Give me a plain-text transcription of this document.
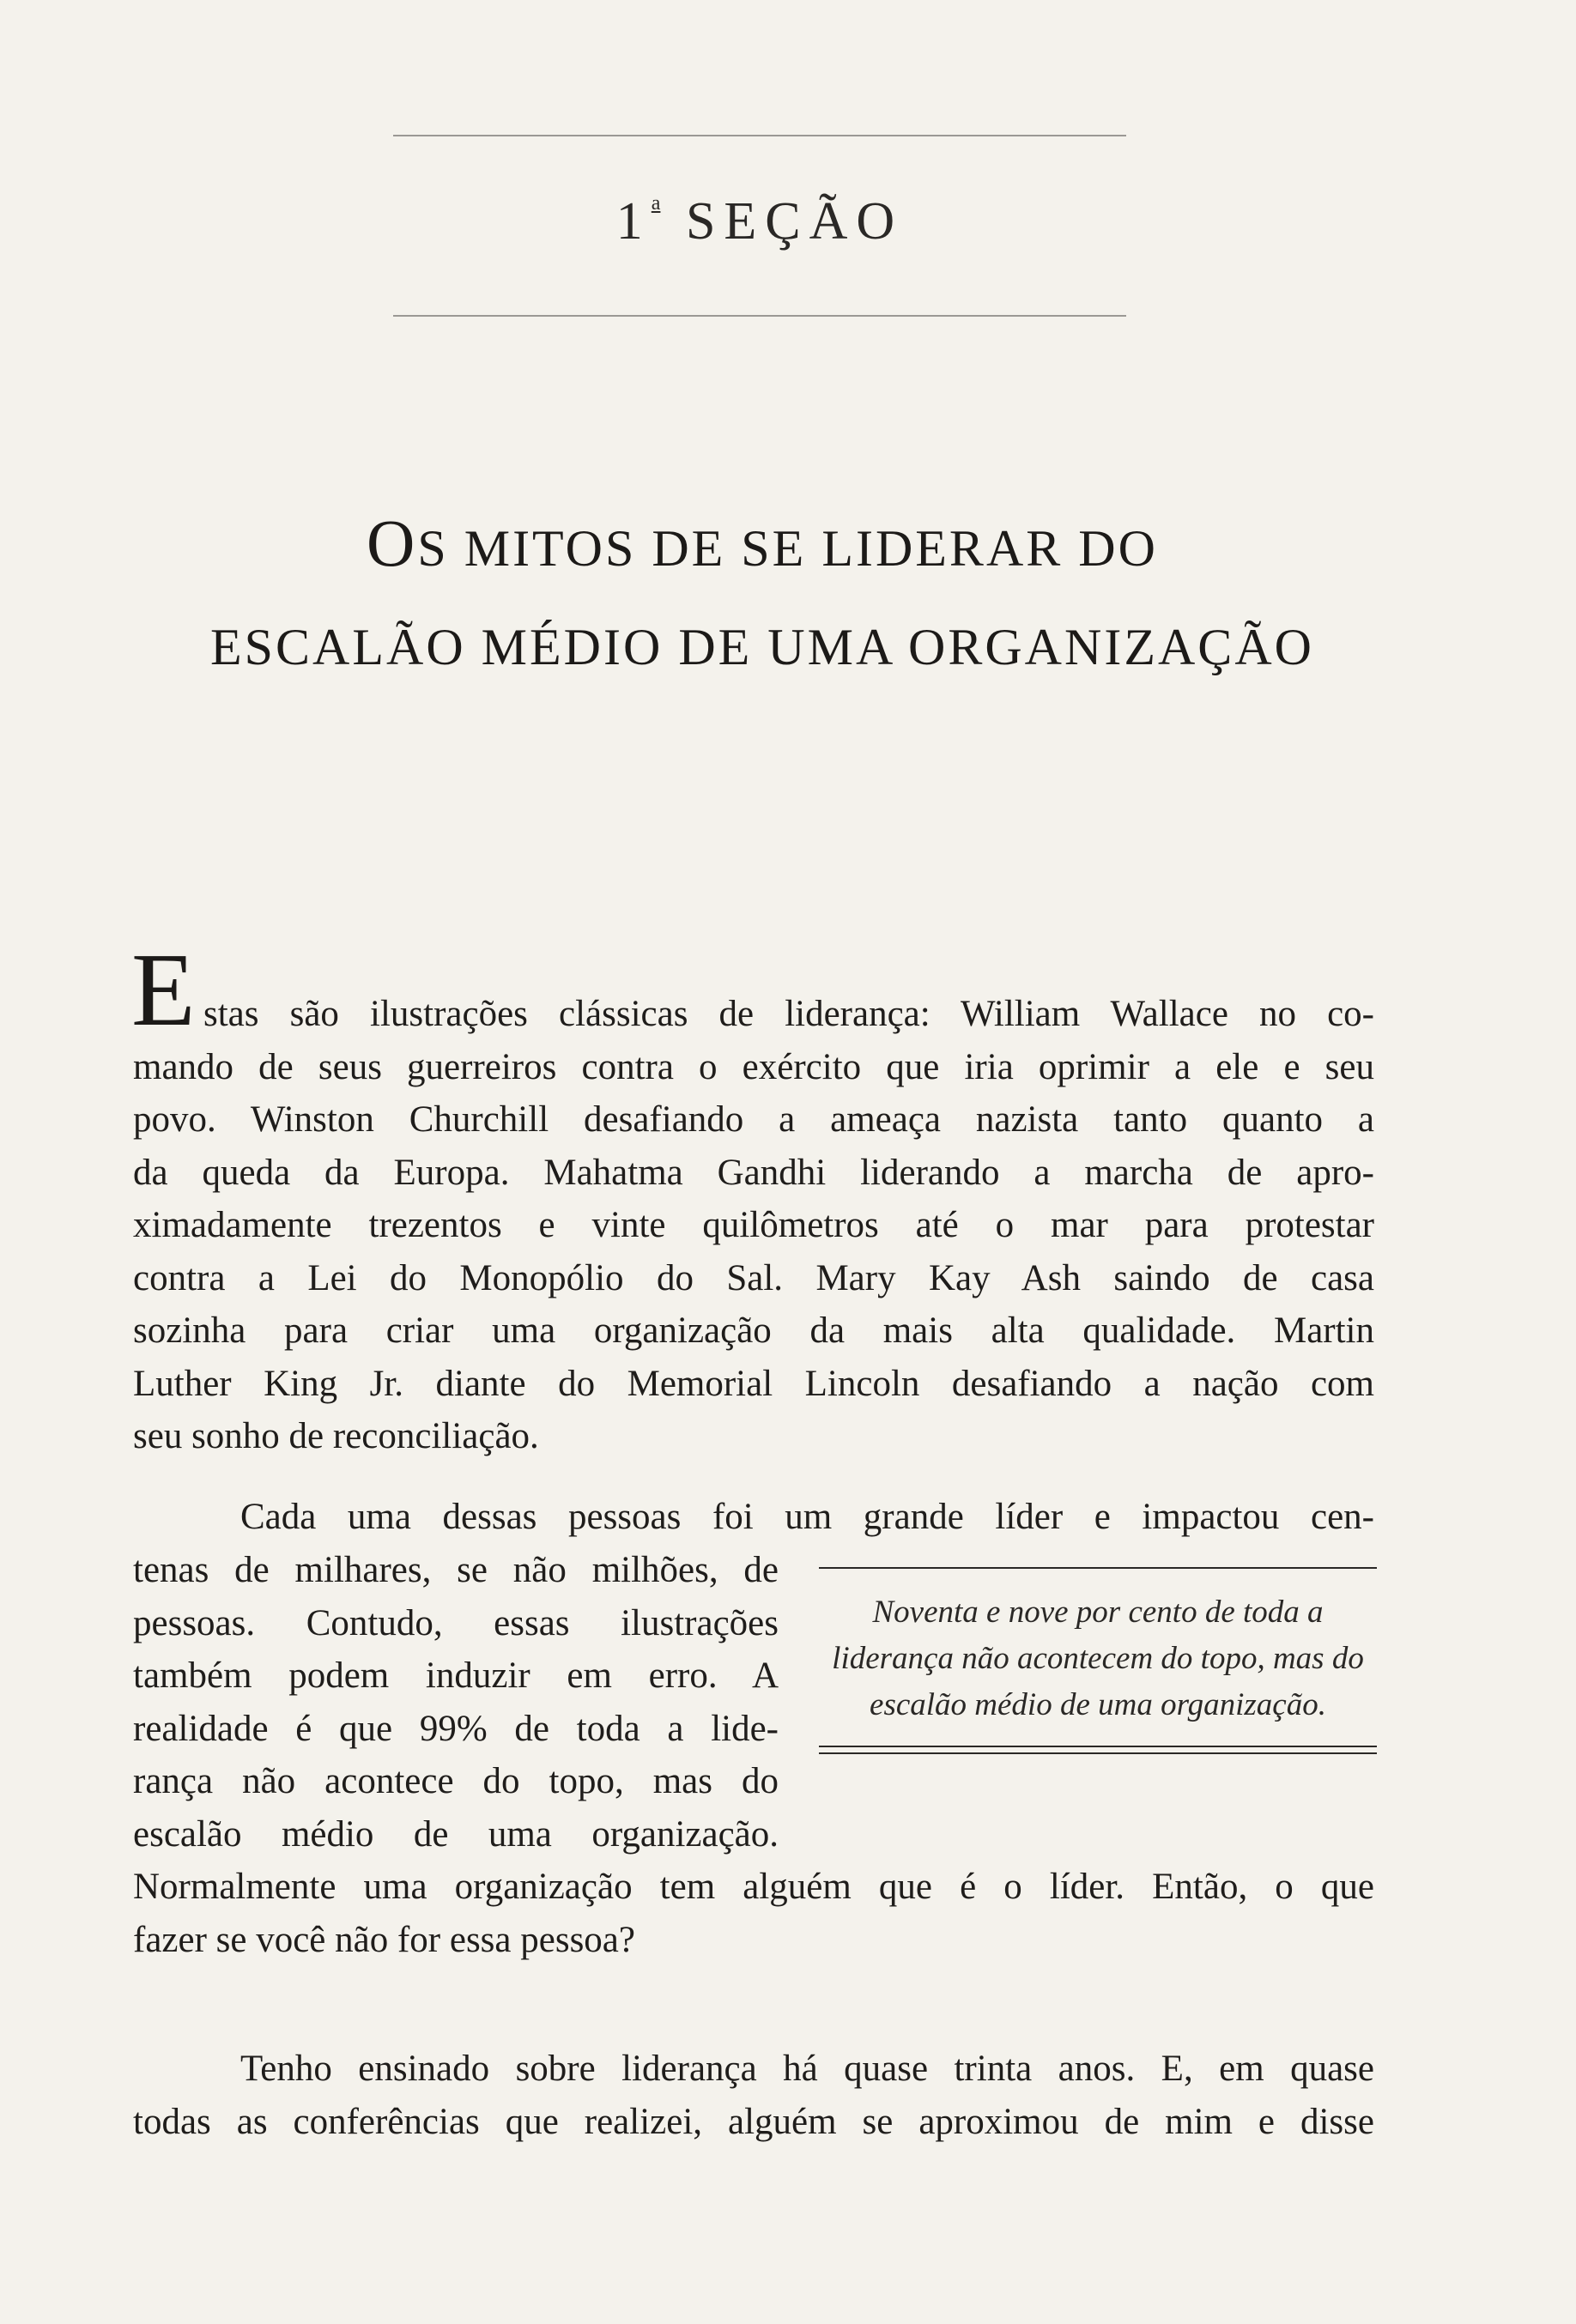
1$^a$ SEÇÃO
OS MITOS DE SE LIDERAR DO
ESCALÃO MÉDIO DE UMA ORGANIZAÇÃO
E stas são ilustrações clássicas de liderança: William Wallace no co-
mando de seus guerreiros contra o exército que iria oprimir a ele e seu
povo. Winston Churchill desafiando a ameaça nazista tanto quanto a
da queda da Europa. Mahatma Gandhi liderando a marcha de apro-
ximadamente trezentos e vinte quilômetros até o mar para protestar
contra a Lei do Monopólio do Sal. Mary Kay Ash saindo de casa
sozinha para criar uma organização da mais alta qualidade. Martin
Luther King Jr. diante do Memorial Lincoln desafiando a nação com
seu sonho de reconciliação.
Cada uma dessas pessoas foi um grande líder e impactou cen-
tenas de milhares, se não milhões, de
pessoas. Contudo, essas ilustrações
também podem induzir em erro. A
realidade é que 99% de toda a lide-
rança não acontece do topo, mas do
escalão médio de uma organização.
Normalmente uma organização tem alguém que é o líder. Então, o que
fazer se você não for essa pessoa?
Tenho ensinado sobre liderança há quase trinta anos. E, em quase
todas as conferências que realizei, alguém se aproximou de mim e disse
Noventa e nove por cento de toda a liderança não acontecem do topo, mas do escalão médio de uma organização.
